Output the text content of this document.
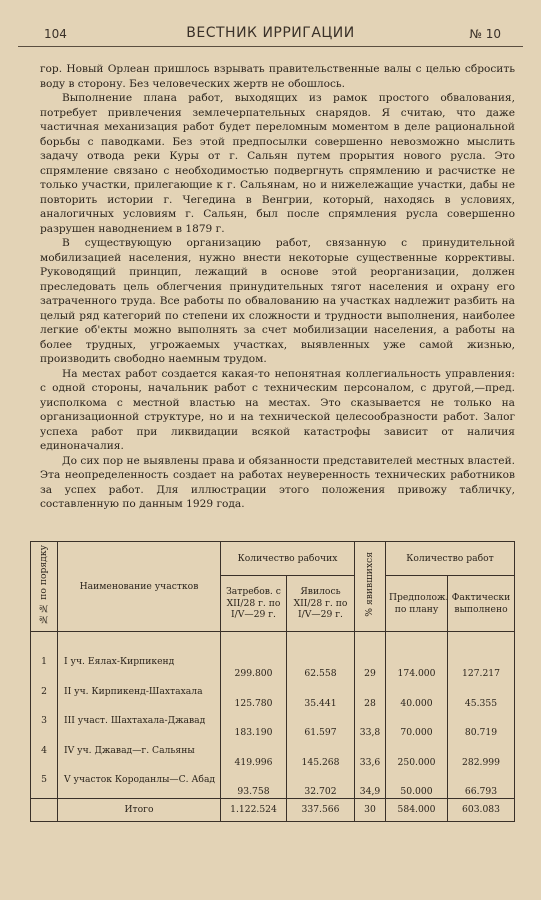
104	ВЕСТНИК ИРРИГАЦИИ	№ 10

гор. Новый Орлеан пришлось взрывать правительственные валы с целью сбросить воду в сторону. Без человеческих жертв не обошлось.

Выполнение плана работ, выходящих из рамок простого обвалования, потребует привлечения землечерпательных снарядов. Я считаю, что даже частичная механизация работ будет переломным моментом в деле рациональной борьбы с паводками. Без этой предпосылки совершенно невозможно мыслить задачу отвода реки Куры от г. Сальян путем прорытия нового русла. Это спрямление связано с необходимостью подвергнуть спрямлению и расчистке не только участки, прилегающие к г. Сальянам, но и нижележащие участки, дабы не повторить истории г. Чегедина в Венгрии, который, находясь в условиях, аналогичных условиям г. Сальян, был после спрямления русла совершенно разрушен наводнением в 1879 г.

В существующую организацию работ, связанную с принудительной мобилизацией населения, нужно внести некоторые существенные коррективы. Руководящий принцип, лежащий в основе этой реорганизации, должен преследовать цель облегчения принудительных тягот населения и охрану его затраченного труда. Все работы по обвалованию на участках надлежит разбить на целый ряд категорий по степени их сложности и трудности выполнения, наиболее легкие об'екты можно выполнять за счет мобилизации населения, а работы на более трудных, угрожаемых участках, выявленных уже самой жизнью, производить свободно наемным трудом.

На местах работ создается какая-то непонятная коллегиальность управления: с одной стороны, начальник работ с техническим персоналом, с другой,—пред. уисполкома с местной властью на местах. Это сказывается не только на организационной структуре, но и на технической целесообразности работ. Залог успеха работ при ликвидации всякой катастрофы зависит от наличия единоначалия.

До сих пор не выявлены права и обязанности представителей местных властей. Эта неопределенность создает на работах неуверенность технических работников за успех работ. Для иллюстрации этого положения привожу табличку, составленную по данным 1929 года.

№№ по порядку	Наименование участков	Количество рабочих		% явившихся	Количество работ	
		Затребов. с XII/28 г. по I/V—29 г.	Явилось XII/28 г. по I/V—29 г.		Предполож. по плану	Фактически выполнено
1	I уч. Еялах-Кирпикенд	299.800	62.558	29	174.000	127.217
2	II уч. Кирпикенд-Шахтахала	125.780	35.441	28	40.000	45.355
3	III участ. Шахтахала-Джавад	183.190	61.597	33,8	70.000	80.719
4	IV уч. Джавад—г. Сальяны	419.996	145.268	33,6	250.000	282.999
5	V участок Короданлы—С. Абад	93.758	32.702	34,9	50.000	66.793
	Итого	1.122.524	337.566	30	584.000	603.083
